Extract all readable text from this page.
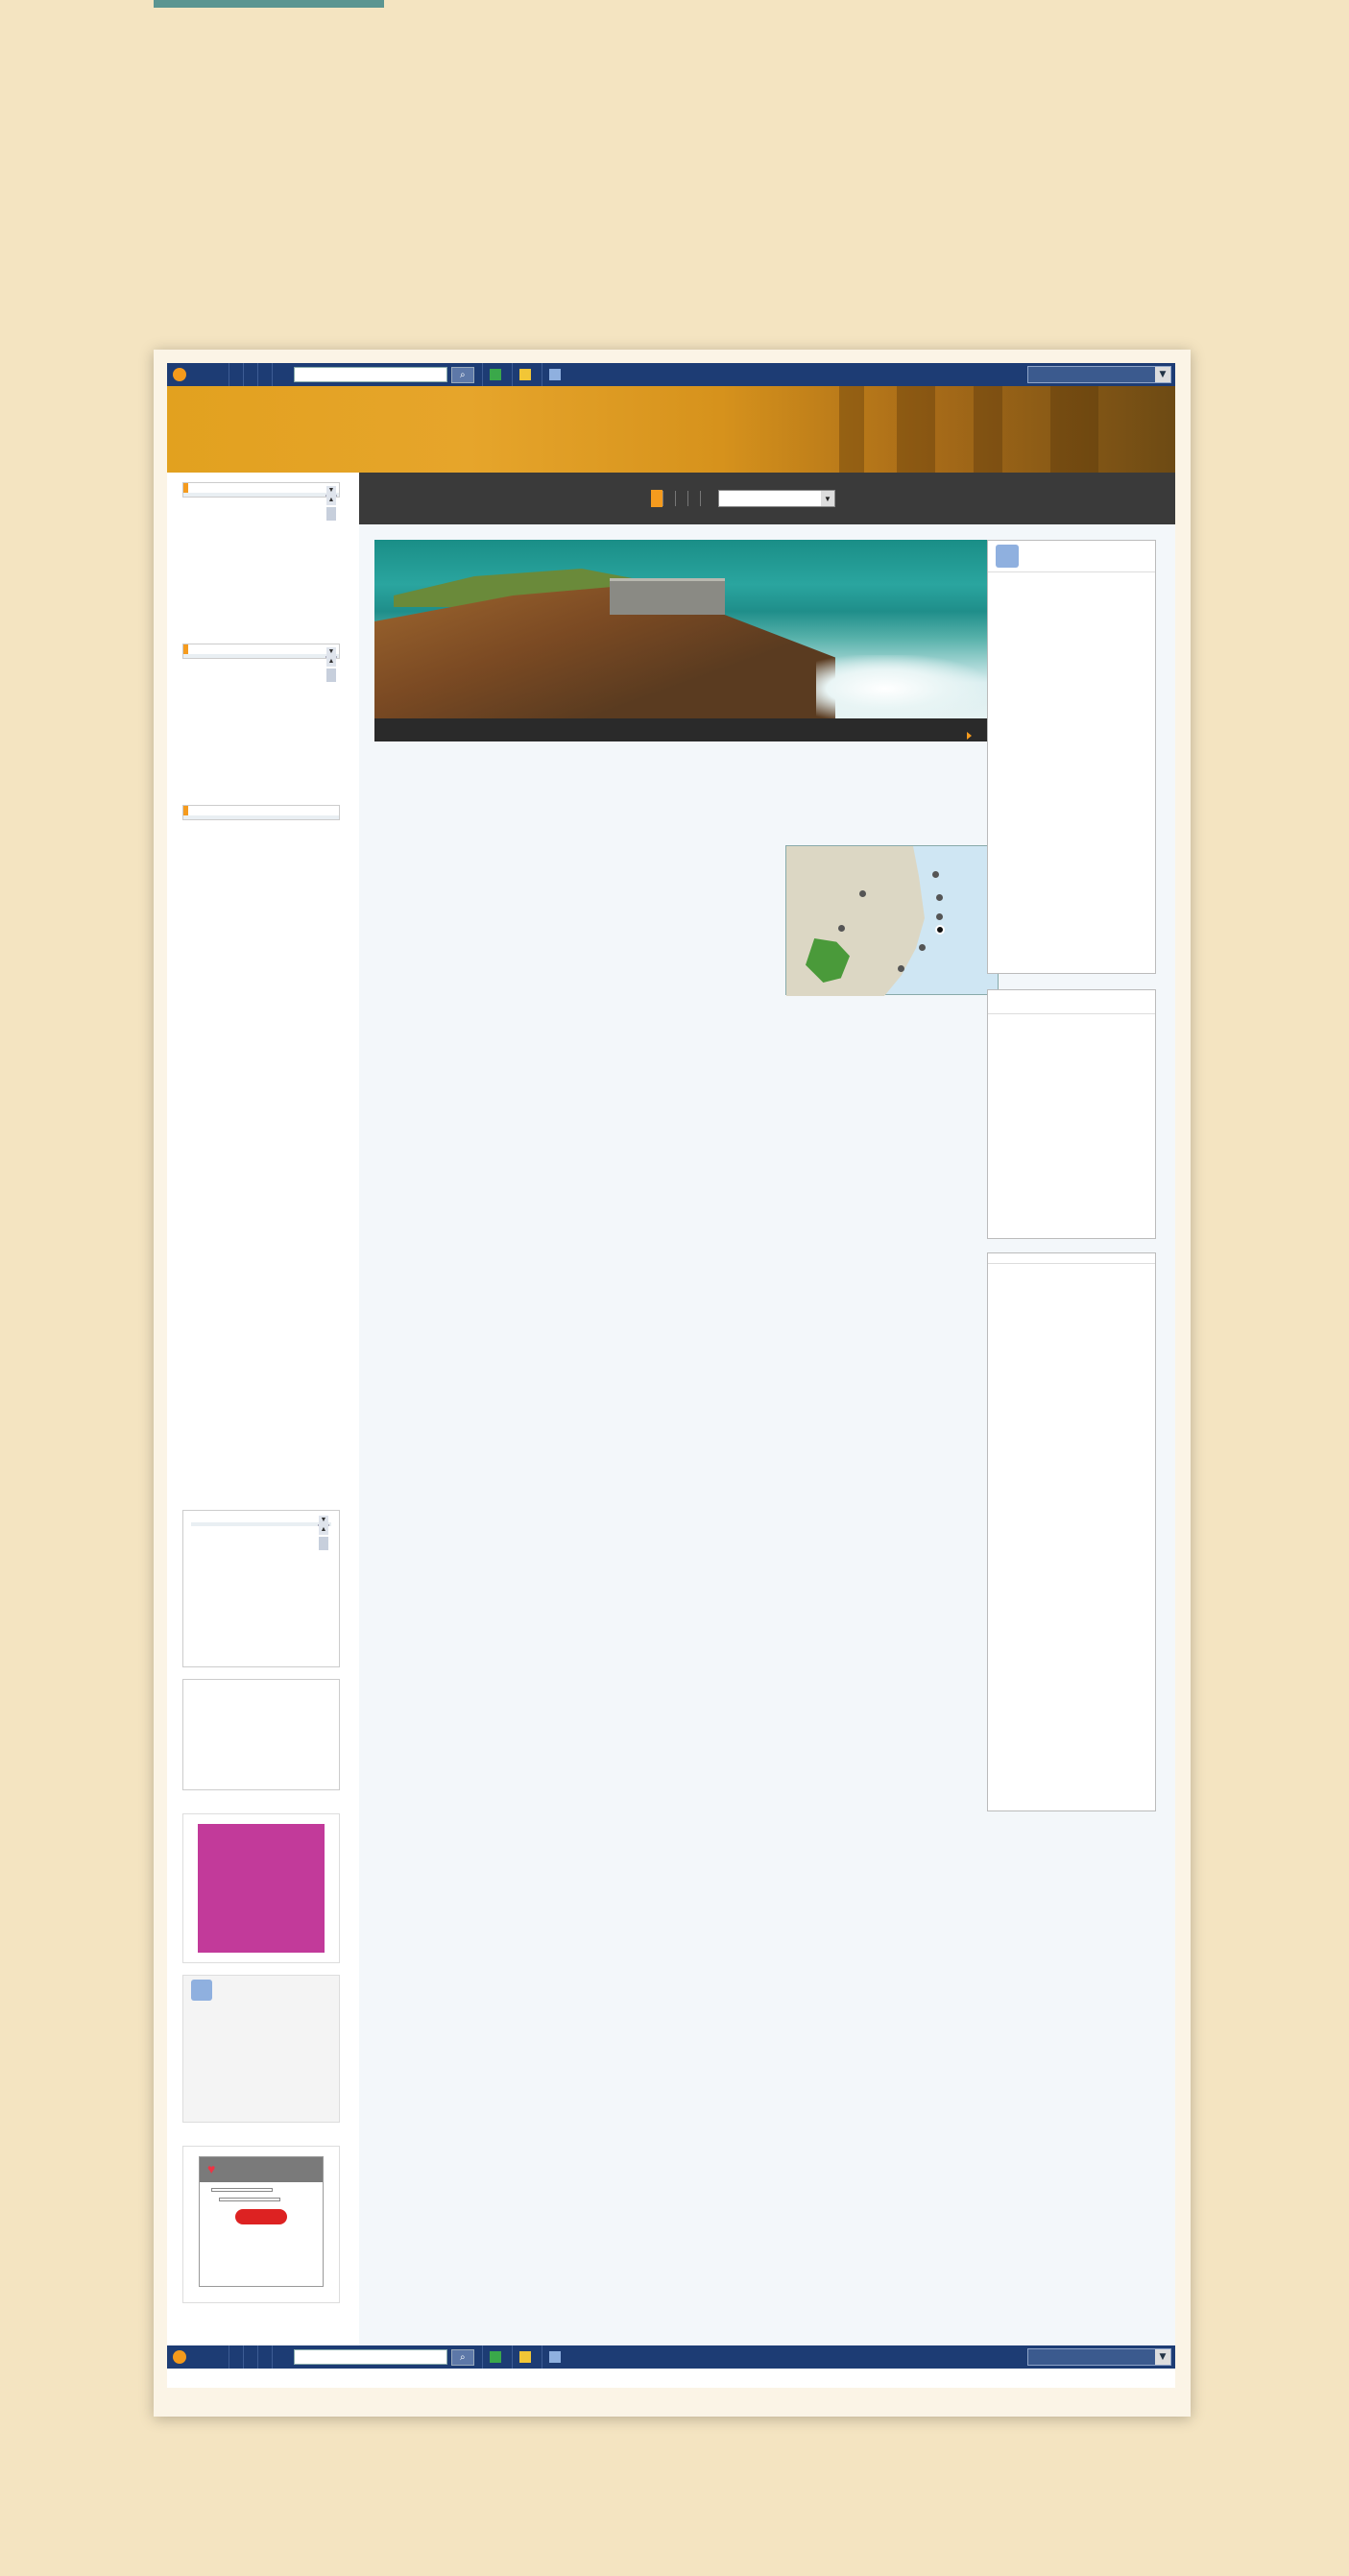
⌕	▼

▲
▼
▲
▼
▲
▼
♥
▼

⌕	▼
